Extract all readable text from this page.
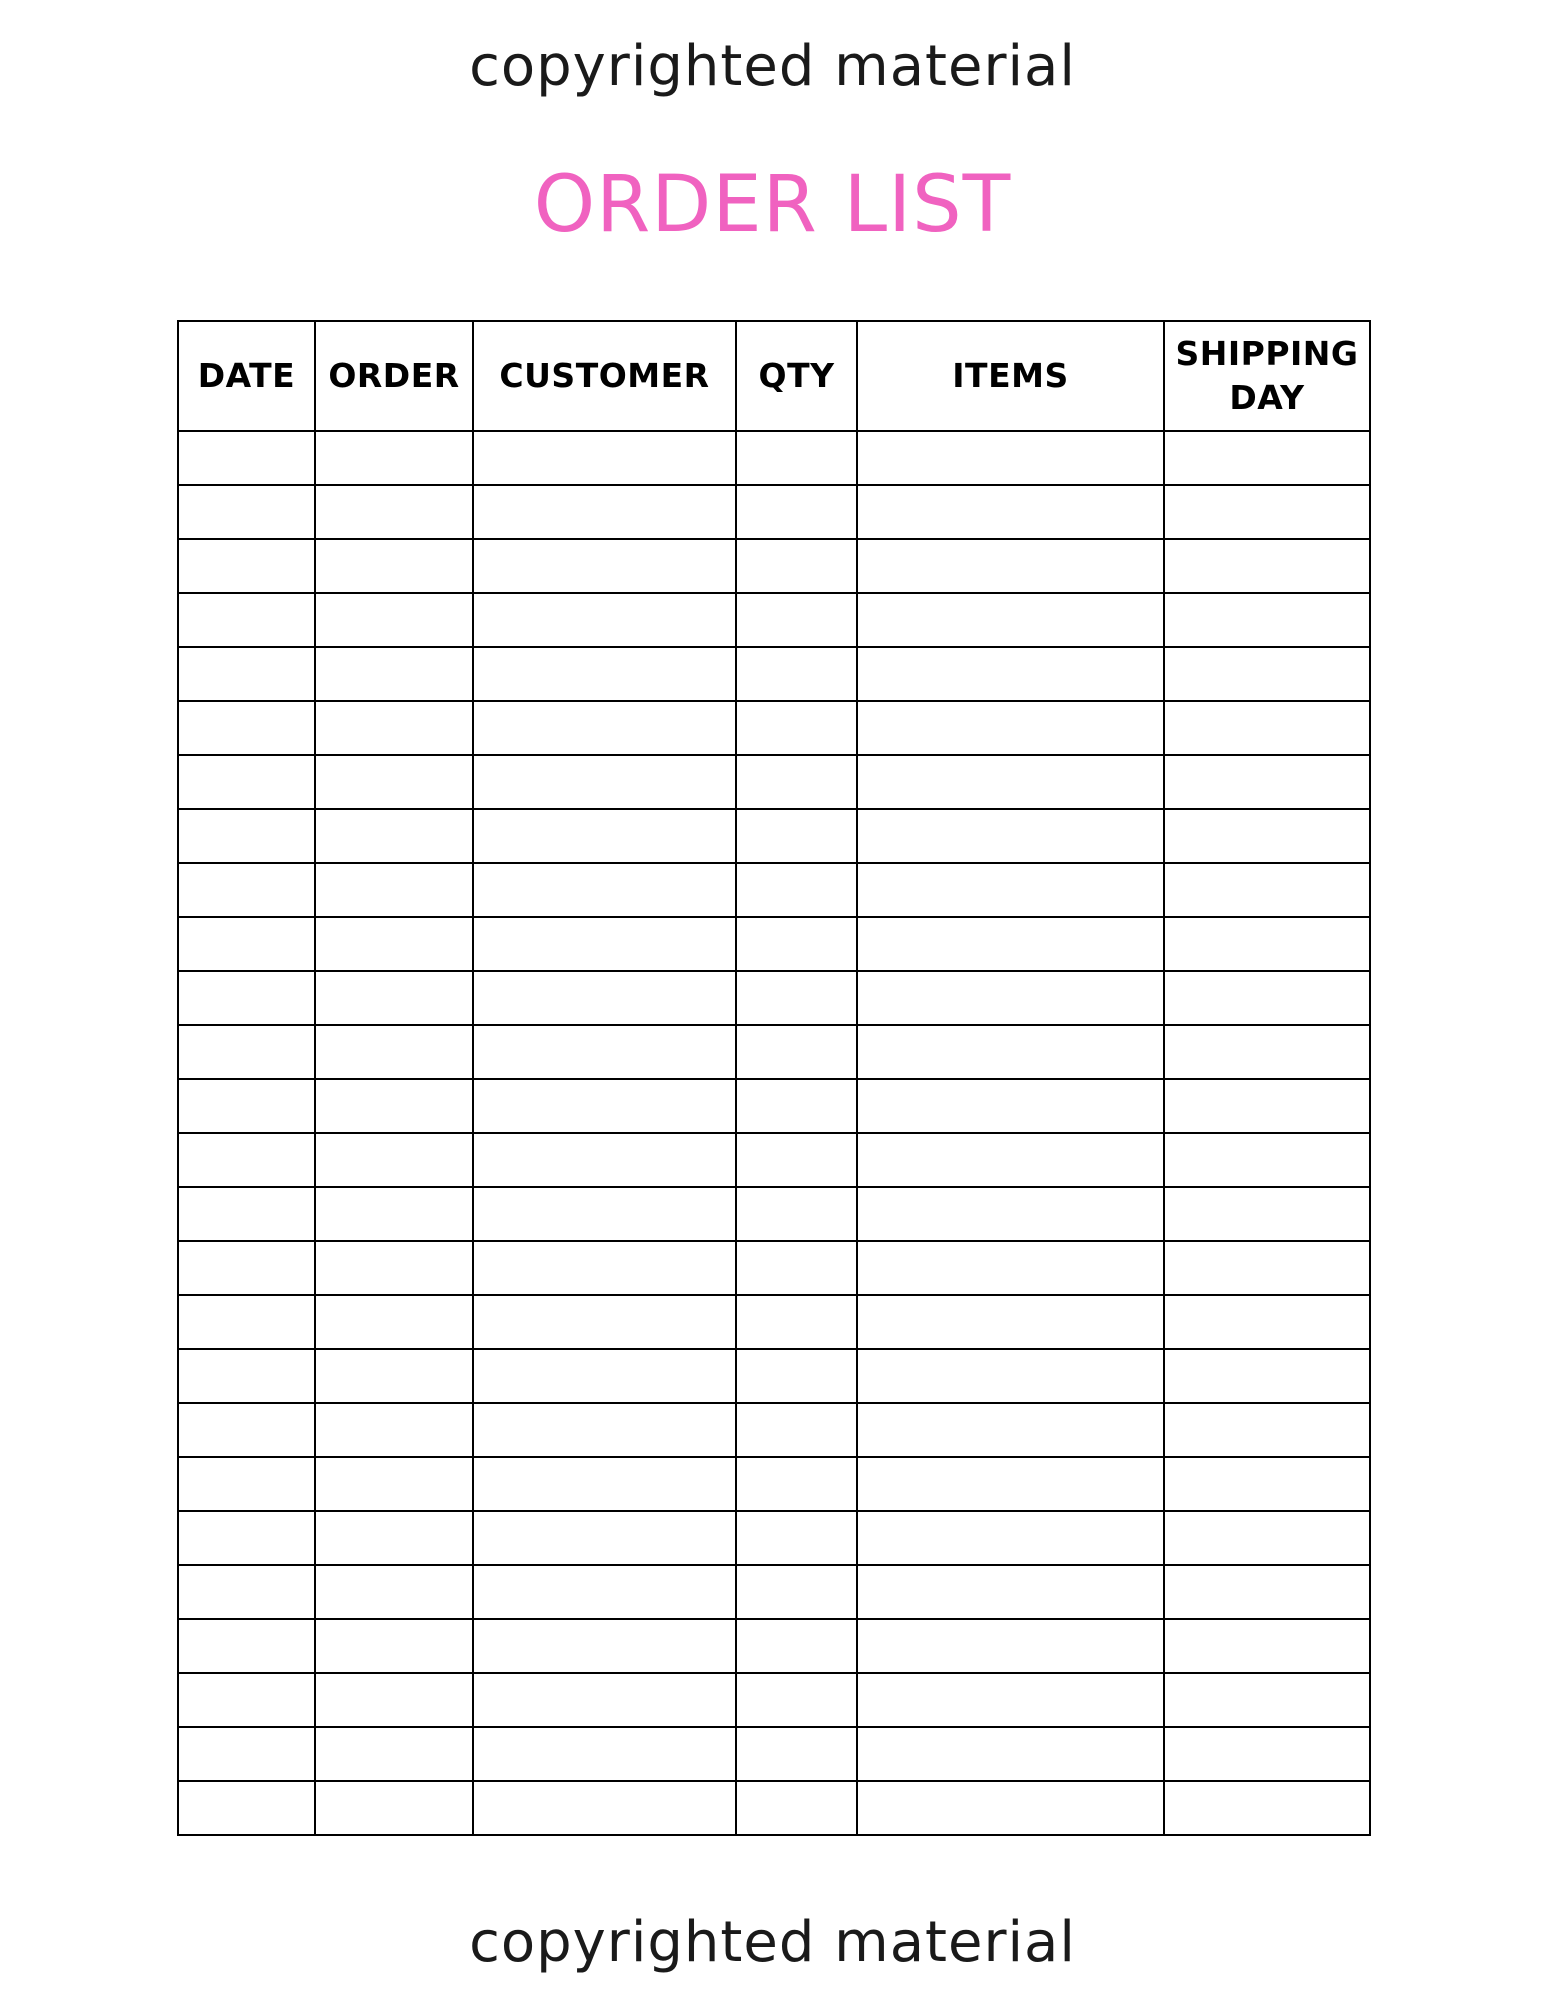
copyrighted material
ORDER LIST
DATE	ORDER	CUSTOMER	QTY	ITEMS	SHIPPING DAY

copyrighted material
